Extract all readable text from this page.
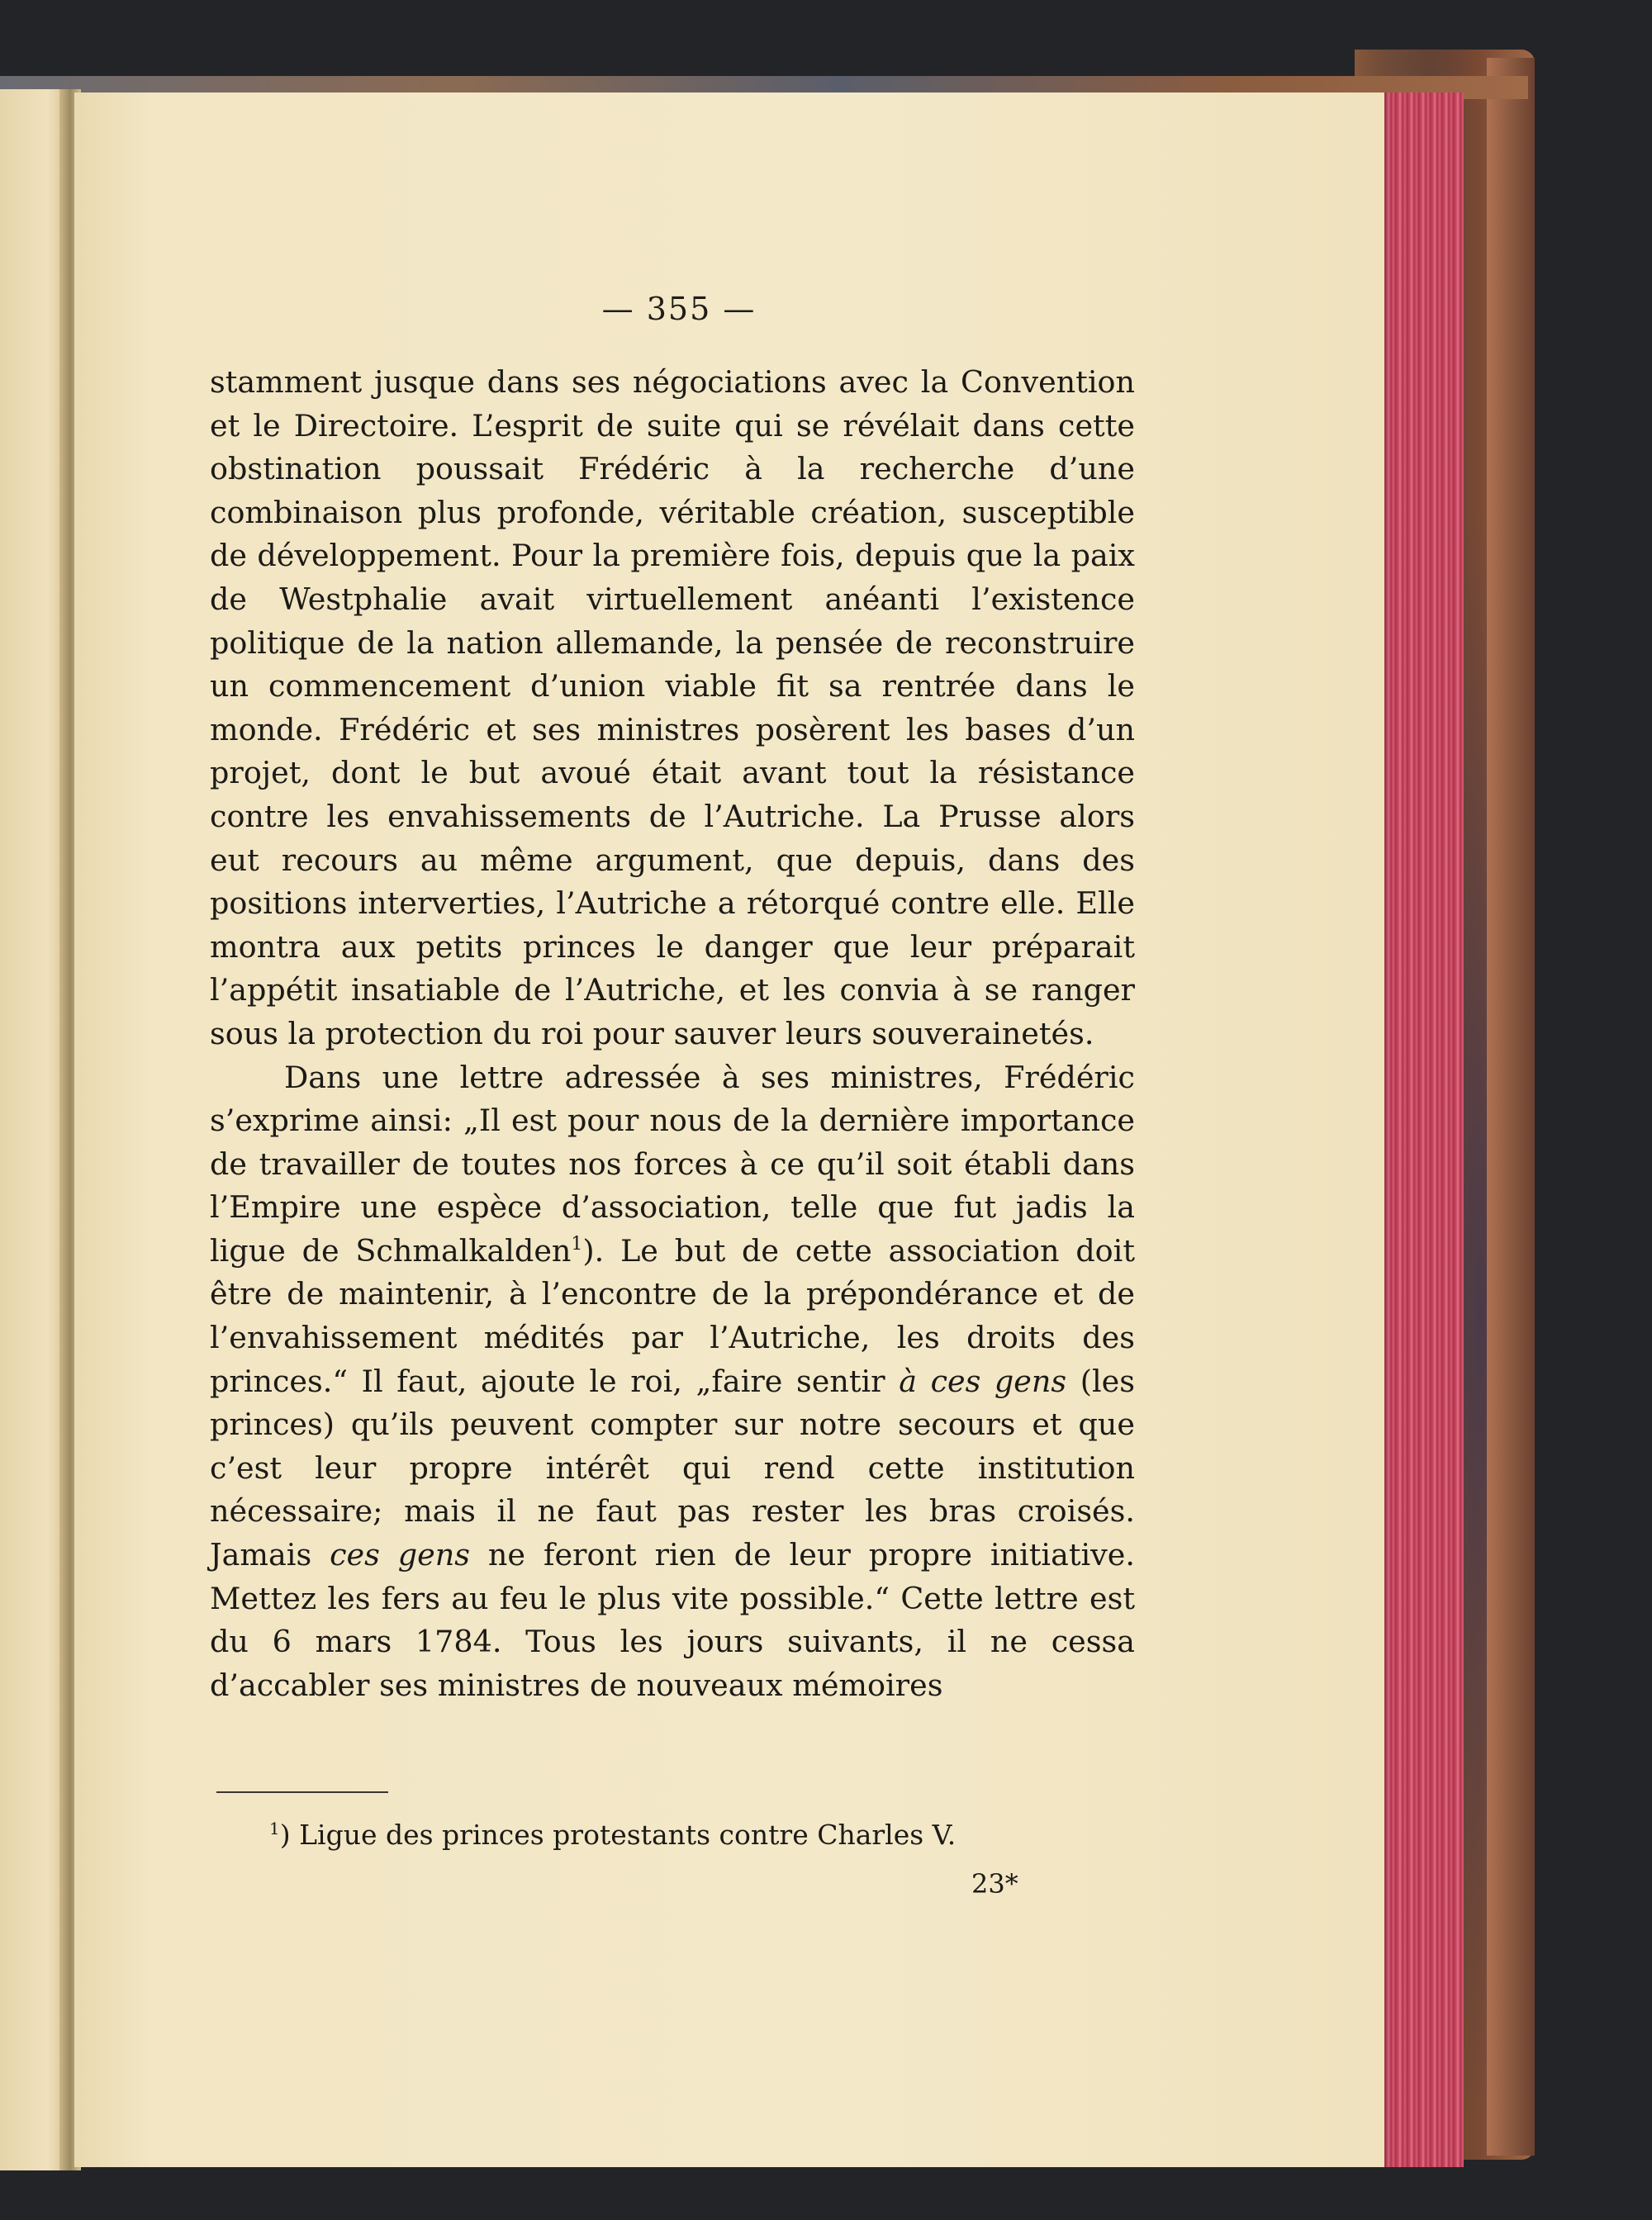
— 355 —

stamment jusque dans ses négociations avec la Convention et le Directoire. L’esprit de suite qui se révélait dans cette obstination poussait Frédéric à la recherche d’une combinaison plus profonde, véritable création, susceptible de développement. Pour la première fois, depuis que la paix de Westphalie avait virtuellement anéanti l’existence politique de la nation allemande, la pensée de reconstruire un commencement d’union viable fit sa rentrée dans le monde. Frédéric et ses ministres posèrent les bases d’un projet, dont le but avoué était avant tout la résistance contre les envahissements de l’Autriche. La Prusse alors eut recours au même argument, que depuis, dans des positions interverties, l’Autriche a rétorqué contre elle. Elle montra aux petits princes le danger que leur préparait l’appétit insatiable de l’Autriche, et les convia à se ranger sous la protection du roi pour sauver leurs souverainetés.

Dans une lettre adressée à ses ministres, Frédéric s’exprime ainsi: „Il est pour nous de la dernière importance de travailler de toutes nos forces à ce qu’il soit établi dans l’Empire une espèce d’association, telle que fut jadis la ligue de Schmalkalden$^1$). Le but de cette association doit être de maintenir, à l’encontre de la prépondérance et de l’envahissement médités par l’Autriche, les droits des princes.“ Il faut, ajoute le roi, „faire sentir à ces gens (les princes) qu’ils peuvent compter sur notre secours et que c’est leur propre intérêt qui rend cette institution nécessaire; mais il ne faut pas rester les bras croisés. Jamais ces gens ne feront rien de leur propre initiative. Mettez les fers au feu le plus vite possible.“ Cette lettre est du 6 mars 1784. Tous les jours suivants, il ne cessa d’accabler ses ministres de nouveaux mémoires

$^1$) Ligue des princes protestants contre Charles V.
23*
